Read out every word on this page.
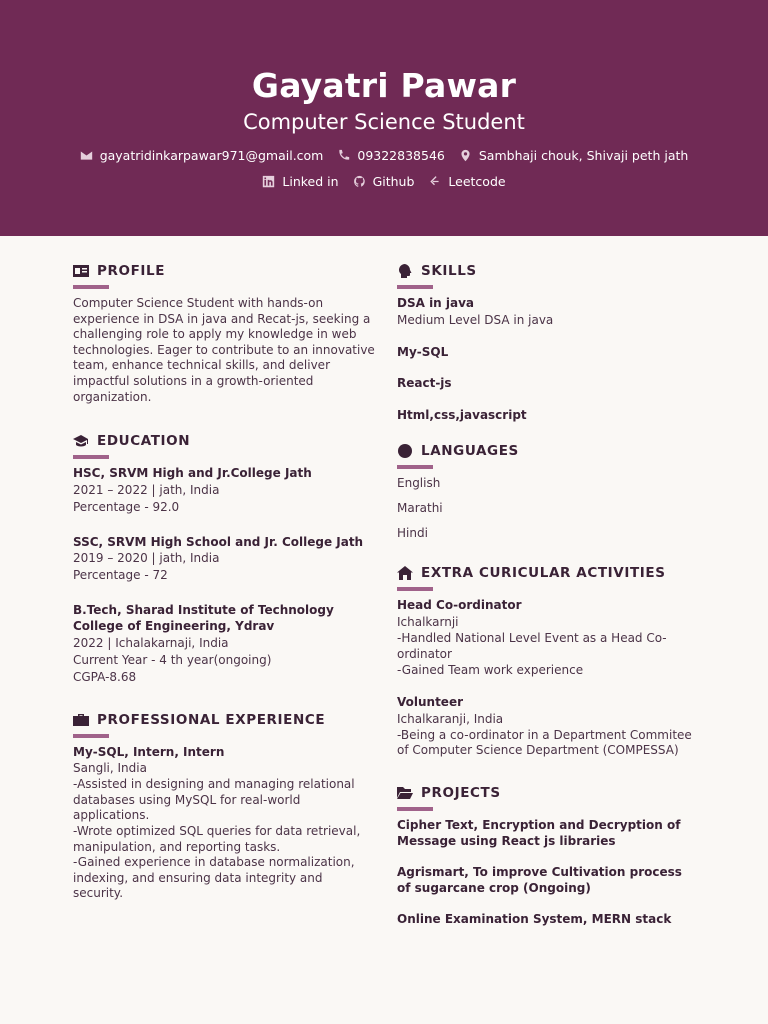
Gayatri Pawar
Computer Science Student
gayatridinkarpawar971@gmail.com	09322838546	Sambhaji chouk, Shivaji peth jath
Linked in	Github	Leetcode
PROFILE
Computer Science Student with hands-on experience in DSA in java and Recat-js, seeking a challenging role to apply my knowledge in web technologies. Eager to contribute to an innovative team, enhance technical skills, and deliver impactful solutions in a growth-oriented organization.
EDUCATION
HSC, SRVM High and Jr.College Jath
2021 – 2022 | jath, India
Percentage - 92.0
SSC, SRVM High School and Jr. College Jath
2019 – 2020 | jath, India
Percentage - 72
B.Tech, Sharad Institute of Technology College of Engineering, Ydrav
2022 | Ichalakarnaji, India
Current Year - 4 th year(ongoing)
CGPA-8.68
PROFESSIONAL EXPERIENCE
My-SQL, Intern, Intern
Sangli, India
-Assisted in designing and managing relational databases using MySQL for real-world applications.
-Wrote optimized SQL queries for data retrieval, manipulation, and reporting tasks.
-Gained experience in database normalization, indexing, and ensuring data integrity and security.
SKILLS
DSA in java
Medium Level DSA in java
My-SQL
React-js
Html,css,javascript
LANGUAGES
English
Marathi
Hindi
EXTRA CURICULAR ACTIVITIES
Head Co-ordinator
Ichalkarnji
-Handled National Level Event as a Head Co-ordinator
-Gained Team work experience
Volunteer
Ichalkaranji, India
-Being a co-ordinator in a Department Commitee of Computer Science Department (COMPESSA)
PROJECTS
Cipher Text, Encryption and Decryption of Message using React js libraries
Agrismart, To improve Cultivation process of sugarcane crop (Ongoing)
Online Examination System, MERN stack
